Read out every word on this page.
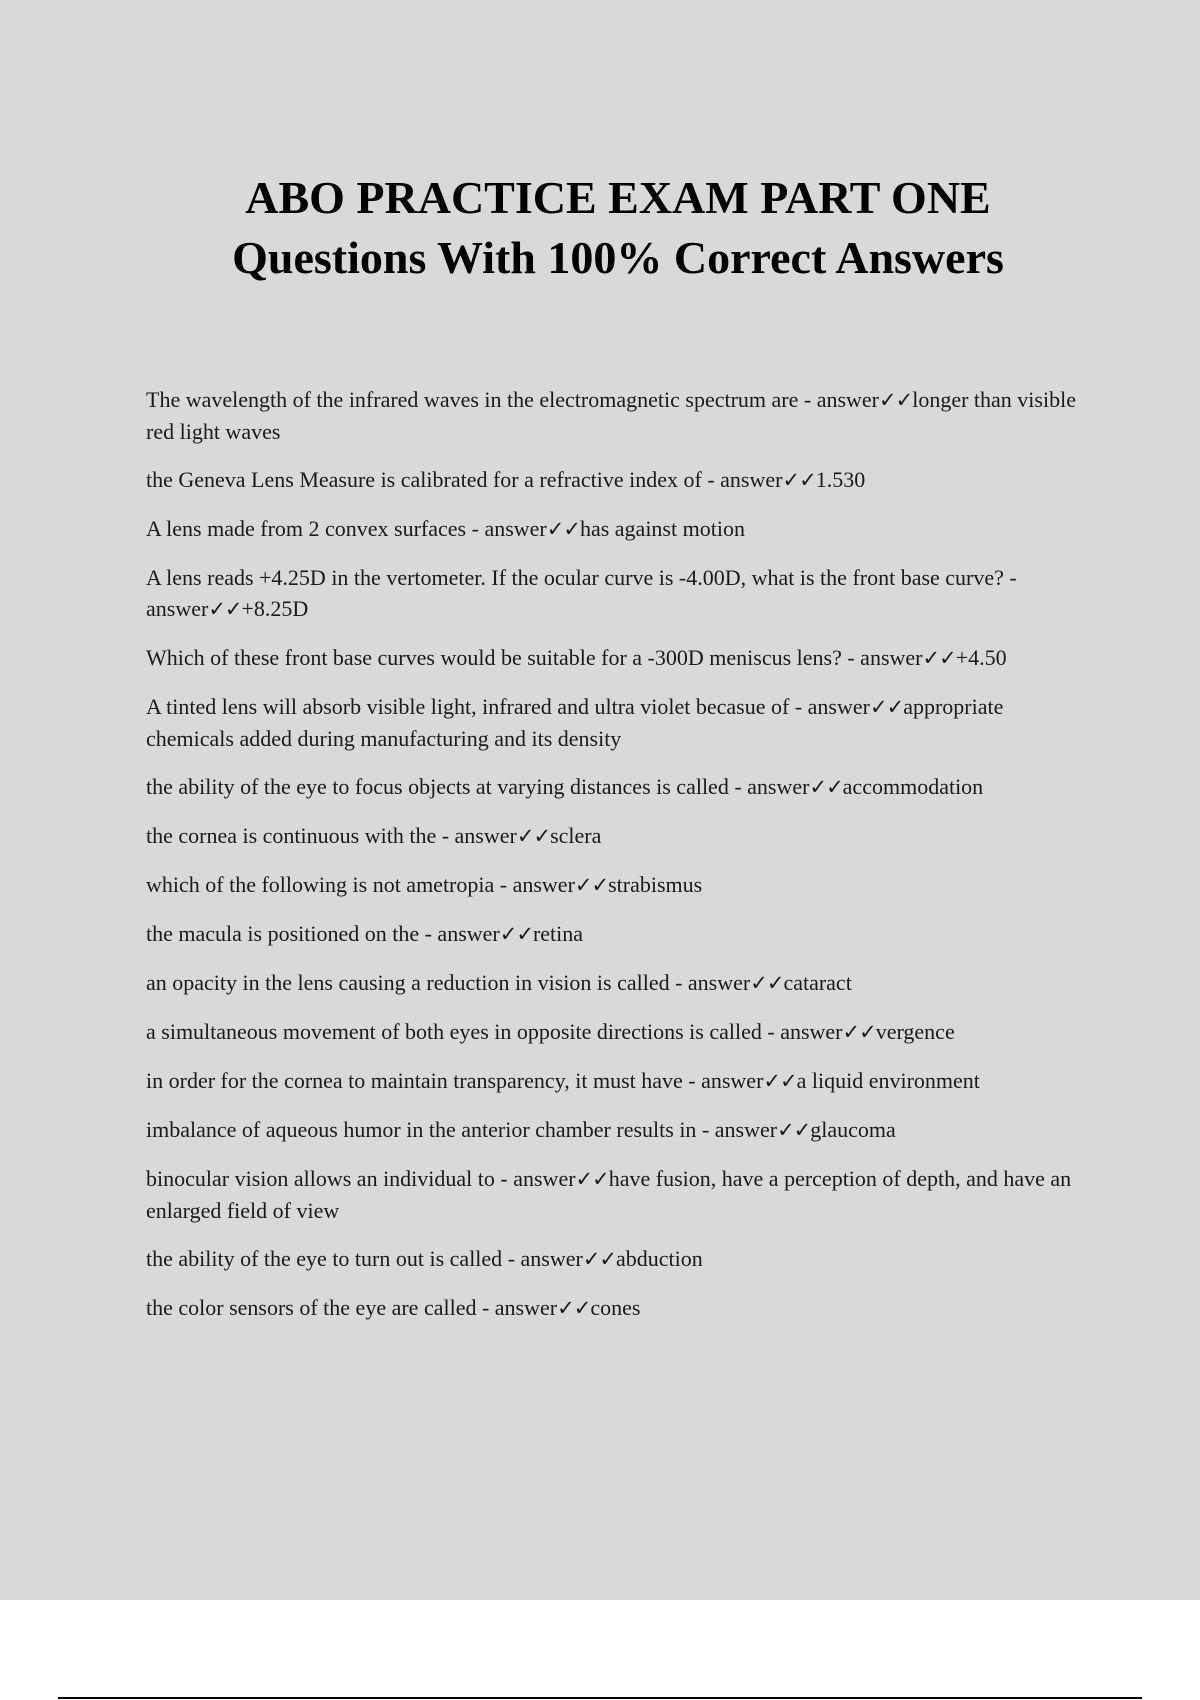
ABO PRACTICE EXAM PART ONE
Questions With 100% Correct Answers
The wavelength of the infrared waves in the electromagnetic spectrum are - answer✓✓longer than visible red light waves
the Geneva Lens Measure is calibrated for a refractive index of - answer✓✓1.530
A lens made from 2 convex surfaces - answer✓✓has against motion
A lens reads +4.25D in the vertometer. If the ocular curve is -4.00D, what is the front base curve? - answer✓✓+8.25D
Which of these front base curves would be suitable for a -300D meniscus lens? - answer✓✓+4.50
A tinted lens will absorb visible light, infrared and ultra violet becasue of - answer✓✓appropriate chemicals added during manufacturing and its density
the ability of the eye to focus objects at varying distances is called - answer✓✓accommodation
the cornea is continuous with the - answer✓✓sclera
which of the following is not ametropia - answer✓✓strabismus
the macula is positioned on the - answer✓✓retina
an opacity in the lens causing a reduction in vision is called - answer✓✓cataract
a simultaneous movement of both eyes in opposite directions is called - answer✓✓vergence
in order for the cornea to maintain transparency, it must have - answer✓✓a liquid environment
imbalance of aqueous humor in the anterior chamber results in - answer✓✓glaucoma
binocular vision allows an individual to - answer✓✓have fusion, have a perception of depth, and have an enlarged field of view
the ability of the eye to turn out is called - answer✓✓abduction
the color sensors of the eye are called - answer✓✓cones
